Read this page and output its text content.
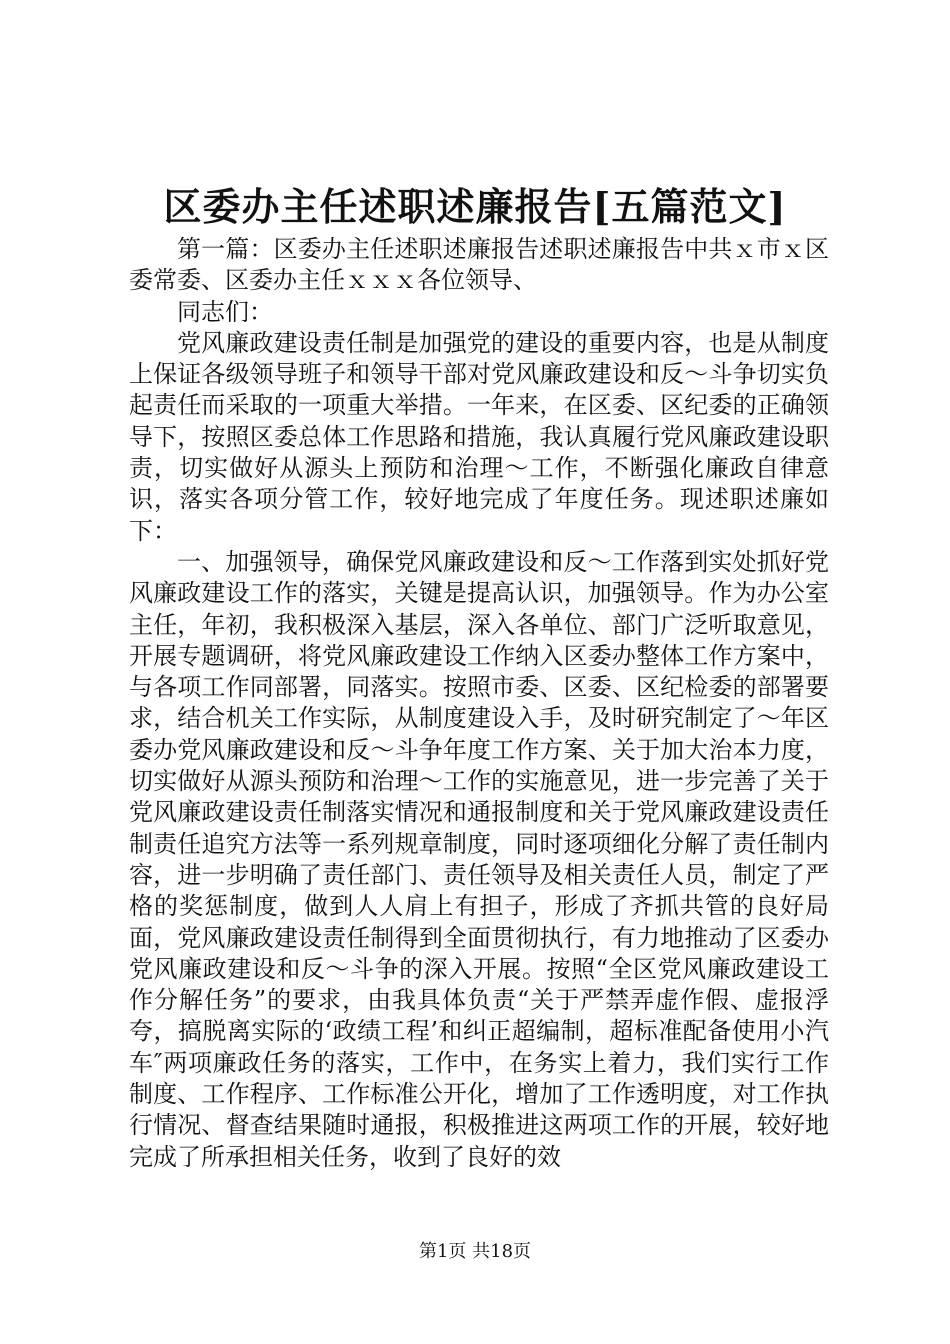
区委办主任述职述廉报告[五篇范文]

第一篇：区委办主任述职述廉报告述职述廉报告中共ｘ市ｘ区委常委、区委办主任ｘｘｘ各位领导、

同志们：

党风廉政建设责任制是加强党的建设的重要内容，也是从制度上保证各级领导班子和领导干部对党风廉政建设和反～斗争切实负起责任而采取的一项重大举措。一年来，在区委、区纪委的正确领导下，按照区委总体工作思路和措施，我认真履行党风廉政建设职责，切实做好从源头上预防和治理～工作，不断强化廉政自律意识，落实各项分管工作，较好地完成了年度任务。现述职述廉如下：

一、加强领导，确保党风廉政建设和反～工作落到实处抓好党风廉政建设工作的落实，关键是提高认识，加强领导。作为办公室主任，年初，我积极深入基层，深入各单位、部门广泛听取意见，开展专题调研，将党风廉政建设工作纳入区委办整体工作方案中，与各项工作同部署，同落实。按照市委、区委、区纪检委的部署要求，结合机关工作实际，从制度建设入手，及时研究制定了～年区委办党风廉政建设和反～斗争年度工作方案、关于加大治本力度，切实做好从源头预防和治理～工作的实施意见，进一步完善了关于党风廉政建设责任制落实情况和通报制度和关于党风廉政建设责任制责任追究方法等一系列规章制度，同时逐项细化分解了责任制内容，进一步明确了责任部门、责任领导及相关责任人员，制定了严格的奖惩制度，做到人人肩上有担子，形成了齐抓共管的良好局面，党风廉政建设责任制得到全面贯彻执行，有力地推动了区委办党风廉政建设和反～斗争的深入开展。按照“全区党风廉政建设工作分解任务”的要求，由我具体负责“关于严禁弄虚作假、虚报浮夸，搞脱离实际的‘政绩工程’和纠正超编制，超标准配备使用小汽车″两项廉政任务的落实，工作中，在务实上着力，我们实行工作制度、工作程序、工作标准公开化，增加了工作透明度，对工作执行情况、督查结果随时通报，积极推进这两项工作的开展，较好地完成了所承担相关任务，收到了良好的效

第1页 共18页
